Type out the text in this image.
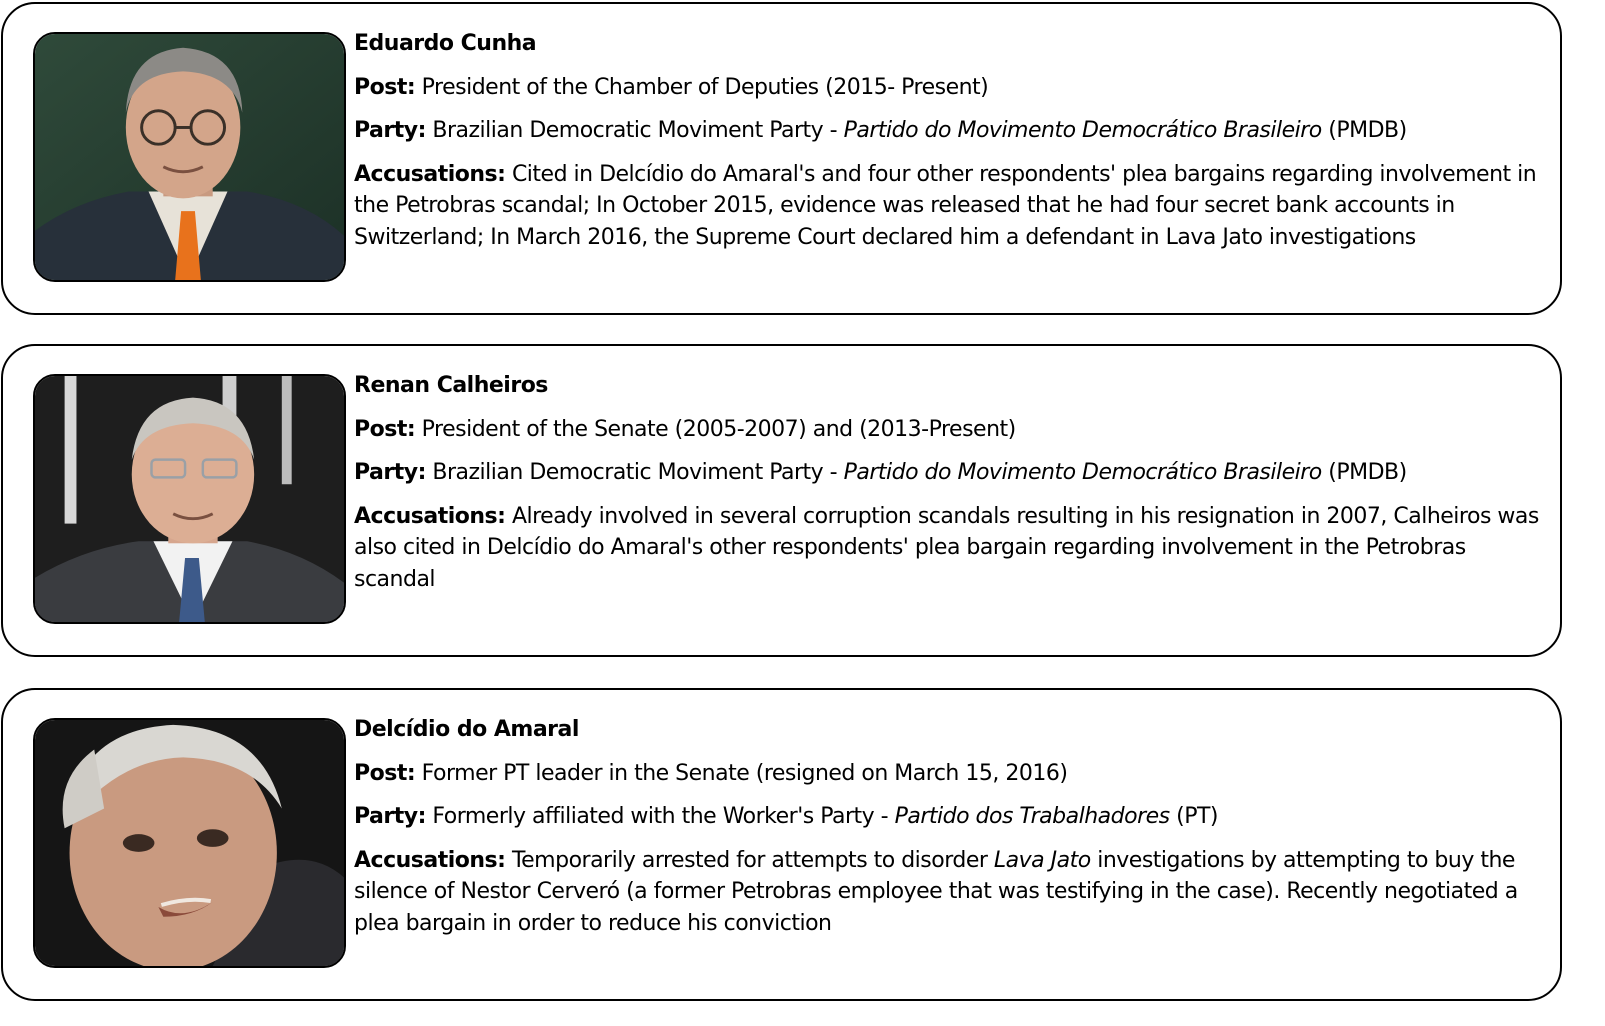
Eduardo Cunha

Post: President of the Chamber of Deputies (2015- Present)

Party: Brazilian Democratic Moviment Party - Partido do Movimento Democrático Brasileiro (PMDB)

Accusations: Cited in Delcídio do Amaral's and four other respondents' plea bargains regarding involvement in the Petrobras scandal; In October 2015, evidence was released that he had four secret bank accounts in Switzerland; In March 2016, the Supreme Court declared him a defendant in Lava Jato investigations

Renan Calheiros

Post: President of the Senate (2005-2007) and (2013-Present)

Party: Brazilian Democratic Moviment Party - Partido do Movimento Democrático Brasileiro (PMDB)

Accusations: Already involved in several corruption scandals resulting in his resignation in 2007, Calheiros was also cited in Delcídio do Amaral's other respondents' plea bargain regarding involvement in the Petrobras scandal

Delcídio do Amaral

Post: Former PT leader in the Senate (resigned on March 15, 2016)

Party: Formerly affiliated with the Worker's Party - Partido dos Trabalhadores (PT)

Accusations: Temporarily arrested for attempts to disorder Lava Jato investigations by attempting to buy the silence of Nestor Cerveró (a former Petrobras employee that was testifying in the case). Recently negotiated a plea bargain in order to reduce his conviction
